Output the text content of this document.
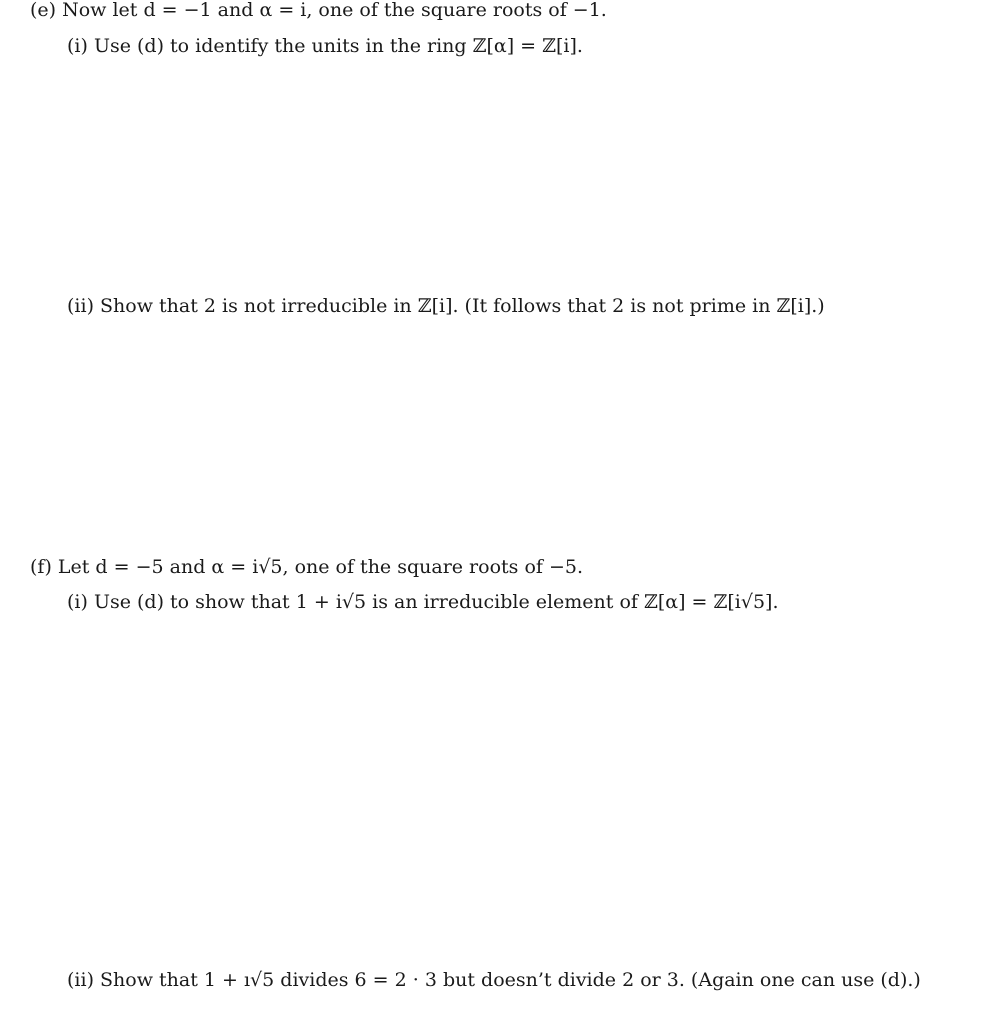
(e) Now let d = −1 and α = i, one of the square roots of −1.
(i) Use (d) to identify the units in the ring ℤ[α] = ℤ[i].
(ii) Show that 2 is not irreducible in ℤ[i]. (It follows that 2 is not prime in ℤ[i].)
(f) Let d = −5 and α = i√5, one of the square roots of −5.
(i) Use (d) to show that 1 + i√5 is an irreducible element of ℤ[α] = ℤ[i√5].
(ii) Show that 1 + ı√5 divides 6 = 2 · 3 but doesn’t divide 2 or 3. (Again one can use (d).)
